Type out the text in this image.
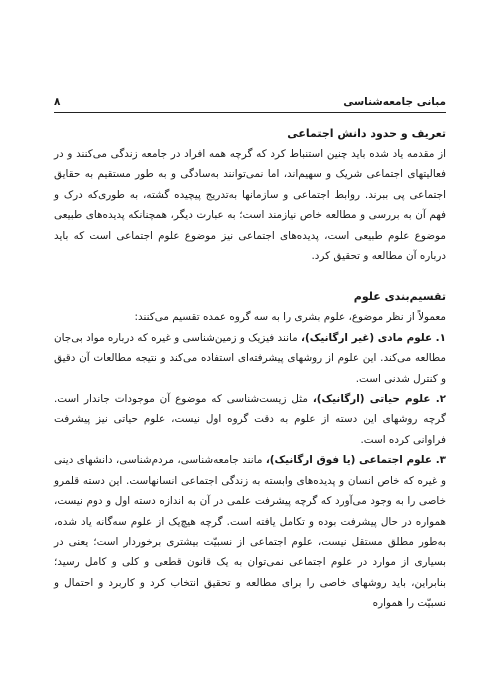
مبانی جامعه‌شناسی
۸
تعریف و حدود دانش اجتماعی

از مقدمه یاد شده باید چنین استنباط کرد که گرچه همه افراد در جامعه زندگی می‌کنند و در فعالیتهای اجتماعی شریک و سهیم‌اند، اما نمی‌توانند به‌سادگی و به طور مستقیم به حقایق اجتماعی پی ببرند. روابط اجتماعی و سازمانها به‌تدریج پیچیده گشته، به طوری‌که درک و فهم آن به بررسی و مطالعه خاص نیازمند است؛ به عبارت دیگر، همچنانکه پدیده‌های طبیعی موضوع علوم طبیعی است، پدیده‌های اجتماعی نیز موضوع علوم اجتماعی است که باید درباره آن مطالعه و تحقیق کرد.

تقسیم‌بندی علوم

معمولاً از نظر موضوع، علوم بشری را به سه گروه عمده تقسیم می‌کنند:

۱. علوم مادی (غیر ارگانیک)، مانند فیزیک و زمین‌شناسی و غیره که درباره مواد بی‌جان مطالعه می‌کند. این علوم از روشهای پیشرفته‌ای استفاده می‌کند و نتیجه مطالعات آن دقیق و کنترل شدنی است.

۲. علوم حیاتی (ارگانیک)، مثل زیست‌شناسی که موضوع آن موجودات جاندار است. گرچه روشهای این دسته از علوم به دقت گروه اول نیست، علوم حیاتی نیز پیشرفت فراوانی کرده است.

۳. علوم اجتماعی (یا فوق ارگانیک)، مانند جامعه‌شناسی، مردم‌شناسی، دانشهای دینی و غیره که خاص انسان و پدیده‌های وابسته به زندگی اجتماعی انسانهاست. این دسته قلمرو خاصی را به وجود می‌آورد که گرچه پیشرفت علمی در آن به اندازه دسته اول و دوم نیست، همواره در حال پیشرفت بوده و تکامل یافته است. گرچه هیچ‌یک از علوم سه‌گانه یاد شده، به‌طور مطلق مستقل نیست، علوم اجتماعی از نسبیّت بیشتری برخوردار است؛ یعنی در بسیاری از موارد در علوم اجتماعی نمی‌توان به یک قانون قطعی و کلی و کامل رسید؛ بنابراین، باید روشهای خاصی را برای مطالعه و تحقیق انتخاب کرد و کاربرد و احتمال و نسبیّت را همواره
